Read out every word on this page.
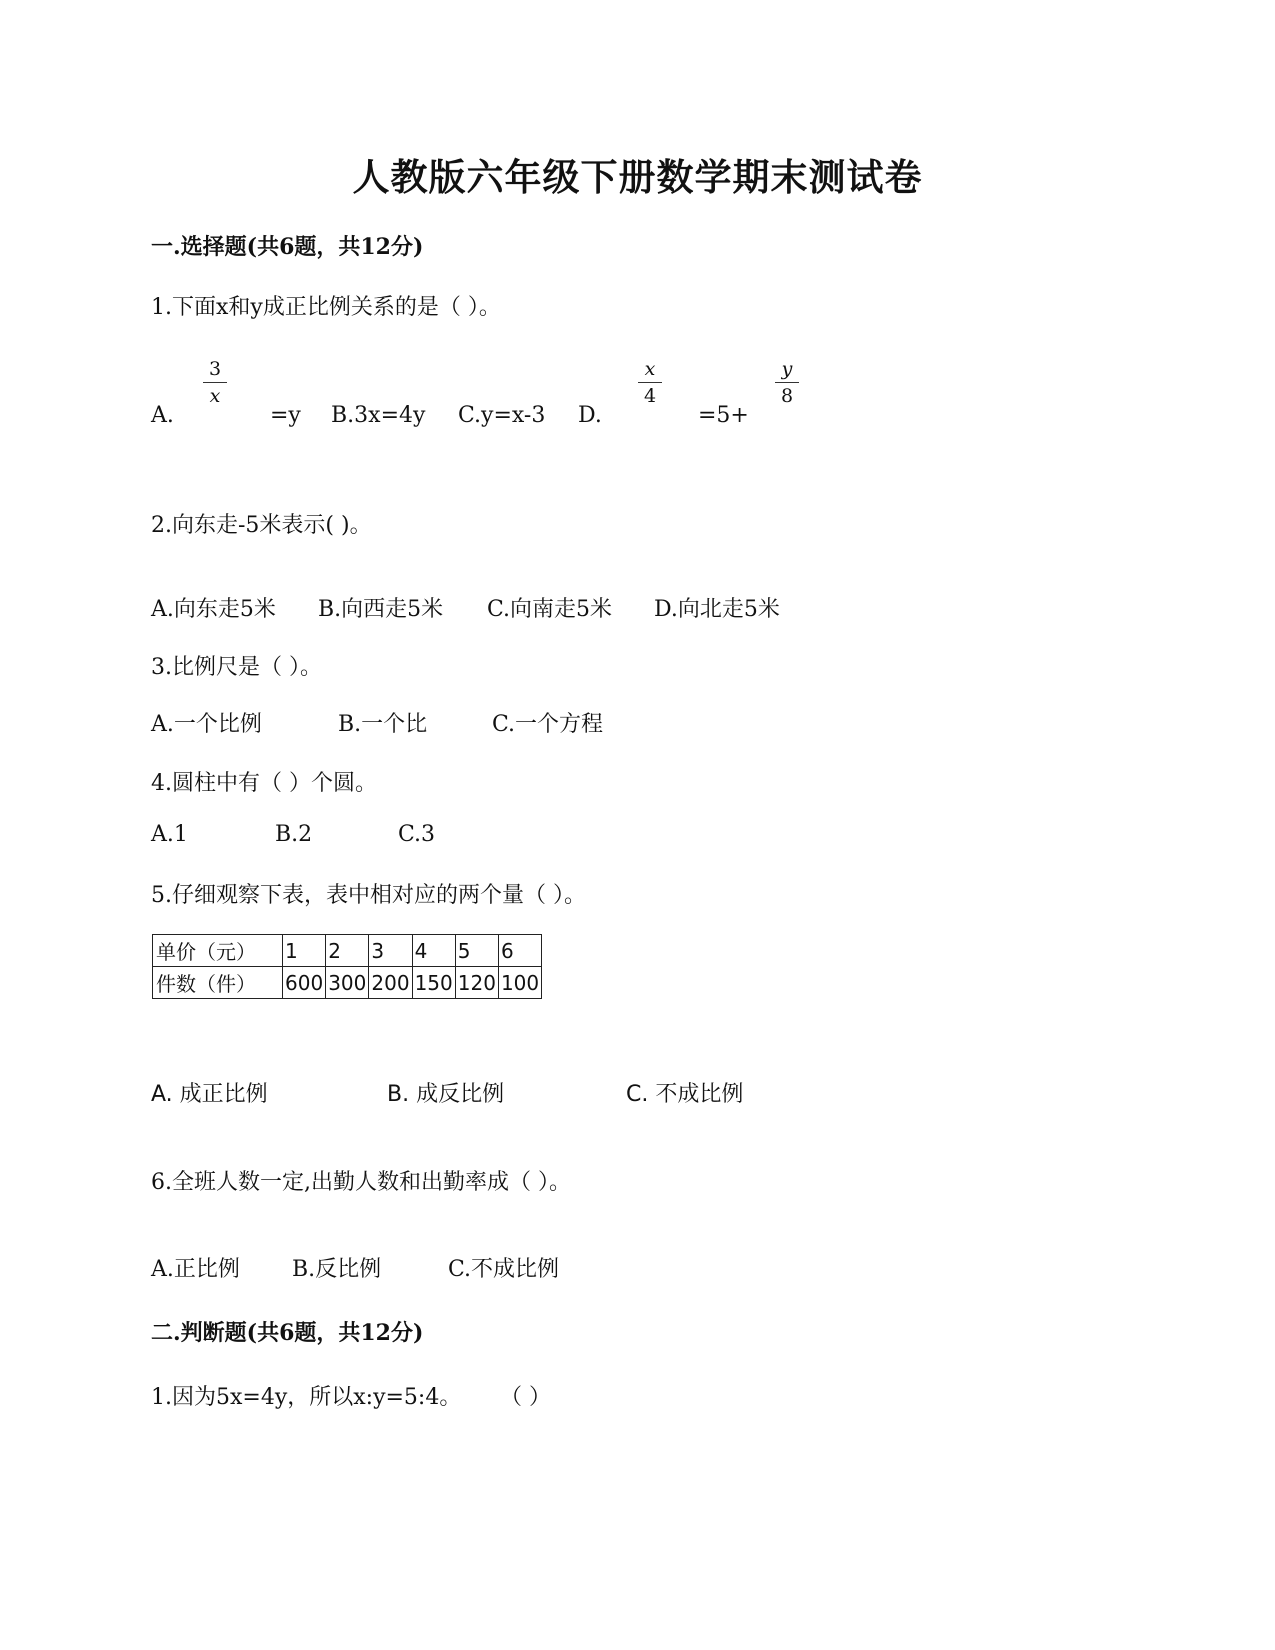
人教版六年级下册数学期末测试卷
一.选择题(共6题，共12分)
1.下面x和y成正比例关系的是（ ）。
A.
3
x
=y B.3x=4y C.y=x-3 D.
x
4
=5+
y
8
2.向东走-5米表示( )。
A.向东走5米 B.向西走5米 C.向南走5米 D.向北走5米
3.比例尺是（ ）。
A.一个比例	B.一个比	C.一个方程
4.圆柱中有（ ）个圆。
A.1	B.2	C.3
5.仔细观察下表，表中相对应的两个量（ ）。
单价（元）	1	2	3	4	5	6
件数（件）	600	300	200	150	120	100
A. 成正比例	B. 成反比例	C. 不成比例
6.全班人数一定,出勤人数和出勤率成（ ）。
A.正比例 B.反比例	C.不成比例
二.判断题(共6题，共12分)
1.因为5x=4y，所以x:y=5:4。 （ ）
